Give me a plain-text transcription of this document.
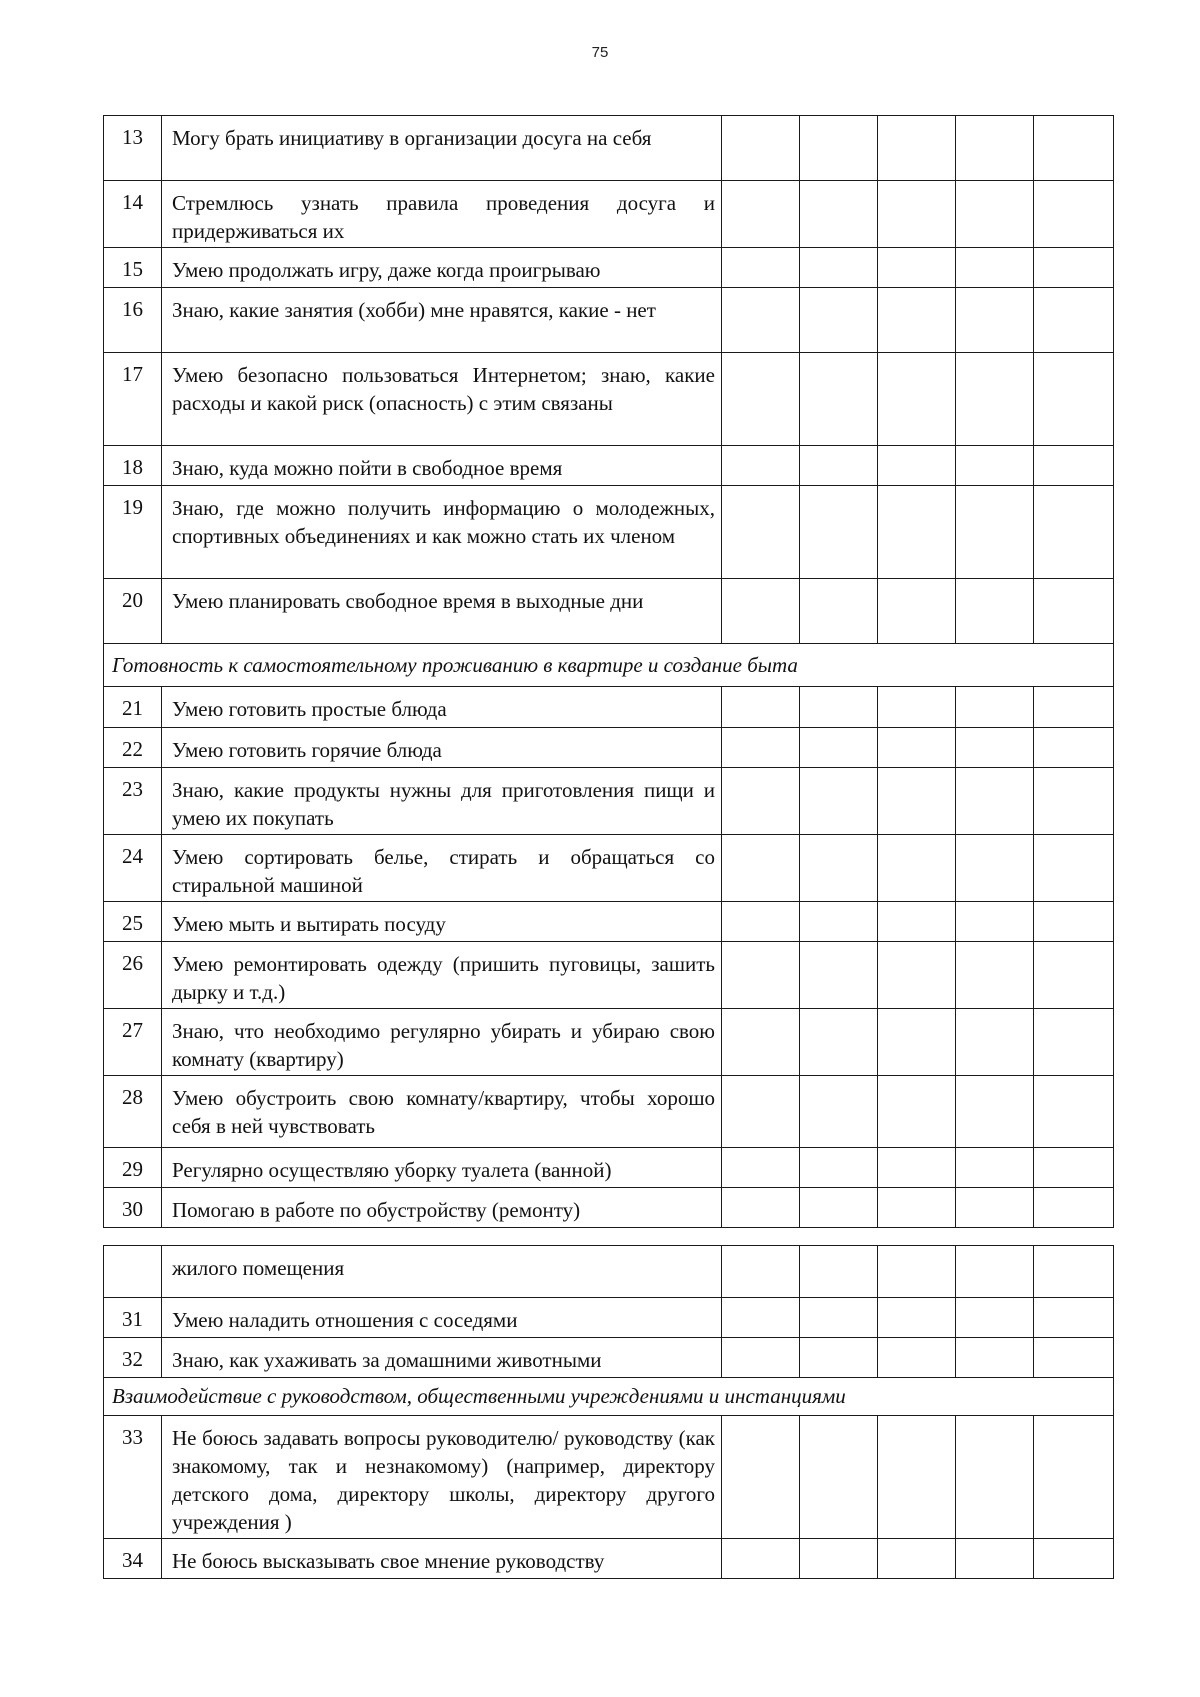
75
13	Могу брать инициативу в организации досуга на себя					
14	Стремлюсь узнать правила проведения досуга и придерживаться их					
15	Умею продолжать игру, даже когда проигрываю					
16	Знаю, какие занятия (хобби) мне нравятся, какие - нет					
17	Умею безопасно пользоваться Интернетом; знаю, какие расходы и какой риск (опасность) с этим связаны					
18	Знаю, куда можно пойти в свободное время					
19	Знаю, где можно получить информацию о молодежных, спортивных объединениях и как можно стать их членом					
20	Умею планировать свободное время в выходные дни					
Готовность к самостоятельному проживанию в квартире и создание быта						
21	Умею готовить простые блюда					
22	Умею готовить горячие блюда					
23	Знаю, какие продукты нужны для приготовления пищи и умею их покупать					
24	Умею сортировать белье, стирать и обращаться со стиральной машиной					
25	Умею мыть и вытирать посуду					
26	Умею ремонтировать одежду (пришить пуговицы, зашить дырку и т.д.)					
27	Знаю, что необходимо регулярно убирать и убираю свою комнату (квартиру)					
28	Умею обустроить свою комнату/квартиру, чтобы хорошо себя в ней чувствовать					
29	Регулярно осуществляю уборку туалета (ванной)					
30	Помогаю в работе по обустройству (ремонту)					
	жилого помещения					
31	Умею наладить отношения с соседями					
32	Знаю, как ухаживать за домашними животными					
Взаимодействие с руководством, общественными учреждениями и инстанциями						
33	Не боюсь задавать вопросы руководителю/ руководству (как знакомому, так и незнакомому) (например, директору детского дома, директору школы, директору другого учреждения )					
34	Не боюсь высказывать свое мнение руководству					
